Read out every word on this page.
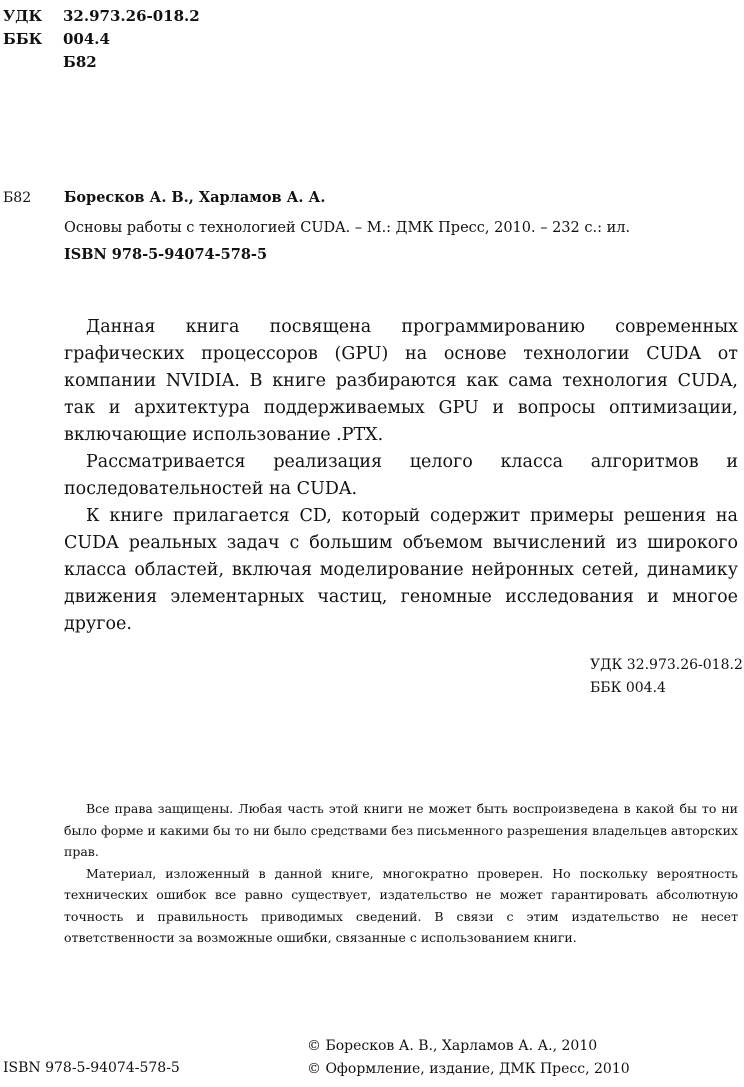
УДК 32.973.26-018.2
ББК 004.4
Б82
Б82 Боресков А. В., Харламов А. А.
Основы работы с технологией CUDA. – М.: ДМК Пресс, 2010. – 232 с.: ил.
ISBN 978-5-94074-578-5

Данная книга посвящена программированию современных графических процессоров (GPU) на основе технологии CUDA от компании NVIDIA. В книге разбираются как сама технология CUDA, так и архитектура поддерживаемых GPU и вопросы оптимизации, включающие использование .PTX.

Рассматривается реализация целого класса алгоритмов и последовательностей на CUDA.

К книге прилагается CD, который содержит примеры решения на CUDA реальных задач с большим объемом вычислений из широкого класса областей, включая моделирование нейронных сетей, динамику движения элементарных частиц, геномные исследования и многое другое.

УДК 32.973.26-018.2
ББК 004.4

Все права защищены. Любая часть этой книги не может быть воспроизведена в какой бы то ни было форме и какими бы то ни было средствами без письменного разрешения владельцев авторских прав.

Материал, изложенный в данной книге, многократно проверен. Но поскольку вероятность технических ошибок все равно существует, издательство не может гарантировать абсолютную точность и правильность приводимых сведений. В связи с этим издательство не несет ответственности за возможные ошибки, связанные с использованием книги.

ISBN 978-5-94074-578-5
© Боресков А. В., Харламов А. А., 2010
© Оформление, издание, ДМК Пресс, 2010
